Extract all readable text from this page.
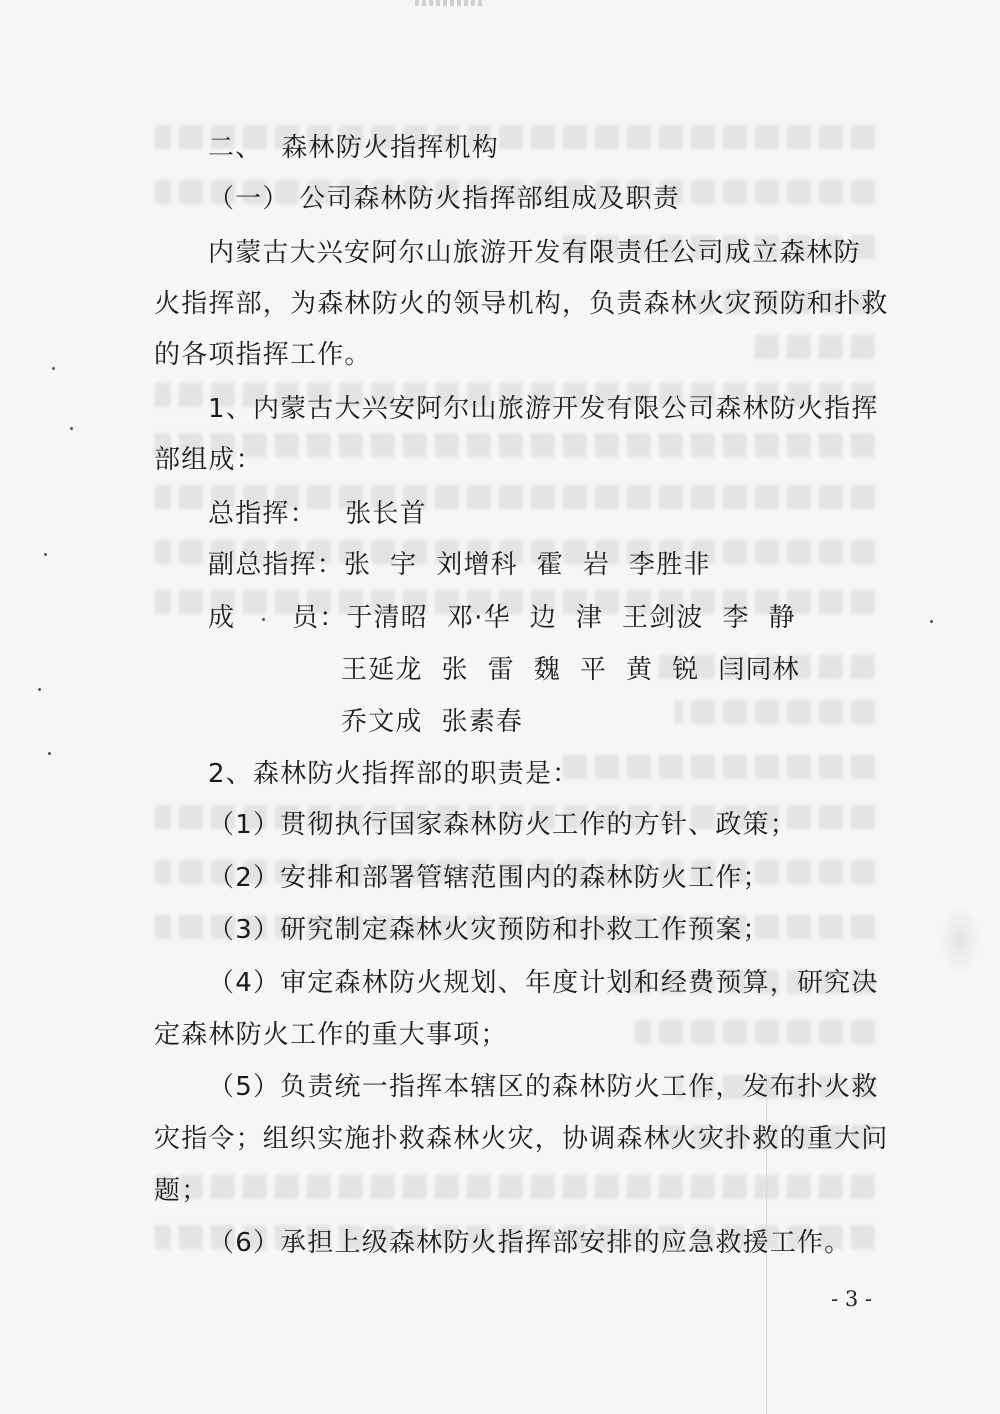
二、  森林防火指挥机构
（一） 公司森林防火指挥部组成及职责
内蒙古大兴安阿尔山旅游开发有限责任公司成立森林防
火指挥部，为森林防火的领导机构，负责森林火灾预防和扑救
的各项指挥工作。
1、内蒙古大兴安阿尔山旅游开发有限公司森林防火指挥
部组成：
总指挥：   张长首
副总指挥：张  宇  刘增科  霍  岩  李胜非
成      员：于清昭  邓·华  边  津  王剑波  李  静
王延龙  张  雷  魏  平  黄  锐  闫同林
乔文成  张素春
2、森林防火指挥部的职责是：
（1）贯彻执行国家森林防火工作的方针、政策；
（2）安排和部署管辖范围内的森林防火工作；
（3）研究制定森林火灾预防和扑救工作预案；
（4）审定森林防火规划、年度计划和经费预算，研究决
定森林防火工作的重大事项；
（5）负责统一指挥本辖区的森林防火工作，发布扑火救
灾指令；组织实施扑救森林火灾，协调森林火灾扑救的重大问
题；
（6）承担上级森林防火指挥部安排的应急救援工作。
- 3 -
